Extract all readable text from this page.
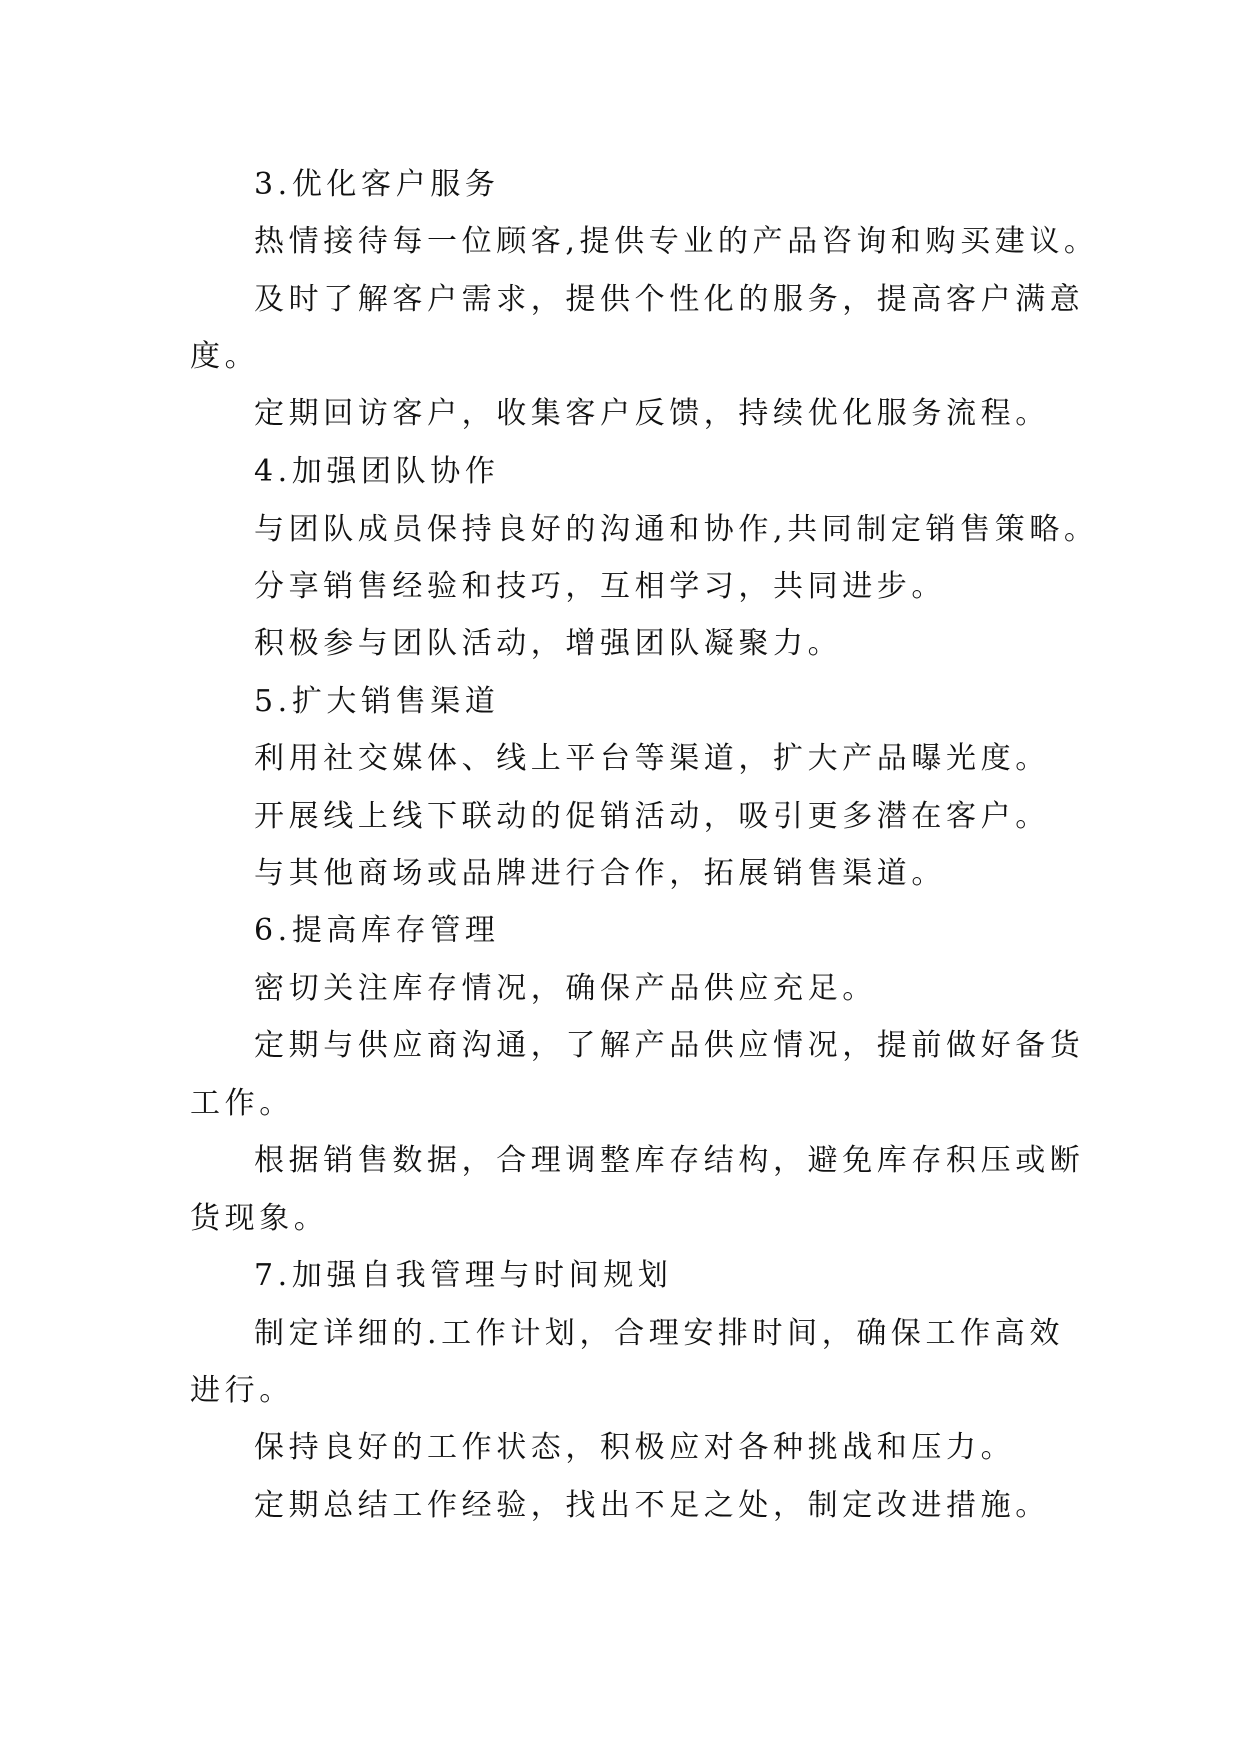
3.优化客户服务
热情接待每一位顾客,提供专业的产品咨询和购买建议。
及时了解客户需求，提供个性化的服务，提高客户满意
度。
定期回访客户，收集客户反馈，持续优化服务流程。
4.加强团队协作
与团队成员保持良好的沟通和协作,共同制定销售策略。
分享销售经验和技巧，互相学习，共同进步。
积极参与团队活动，增强团队凝聚力。
5.扩大销售渠道
利用社交媒体、线上平台等渠道，扩大产品曝光度。
开展线上线下联动的促销活动，吸引更多潜在客户。
与其他商场或品牌进行合作，拓展销售渠道。
6.提高库存管理
密切关注库存情况，确保产品供应充足。
定期与供应商沟通，了解产品供应情况，提前做好备货
工作。
根据销售数据，合理调整库存结构，避免库存积压或断
货现象。
7.加强自我管理与时间规划
制定详细的.工作计划，合理安排时间，确保工作高效
进行。
保持良好的工作状态，积极应对各种挑战和压力。
定期总结工作经验，找出不足之处，制定改进措施。
